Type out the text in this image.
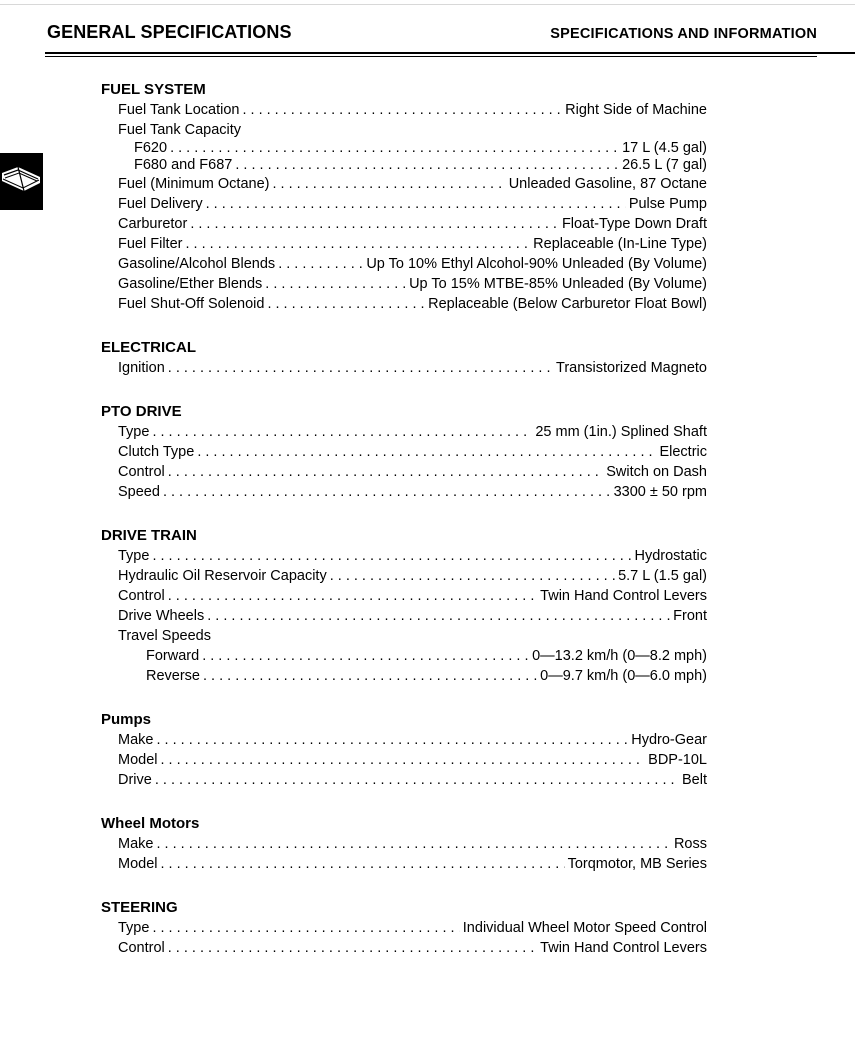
GENERAL SPECIFICATIONS	SPECIFICATIONS AND INFORMATION
FUEL SYSTEM
Fuel Tank Location . . .	Right Side of Machine
Fuel Tank Capacity
F620 . . .	17 L (4.5 gal)
F680 and F687 . . .	26.5 L (7 gal)
Fuel (Minimum Octane) . . .	Unleaded Gasoline, 87 Octane
Fuel Delivery . . .	Pulse Pump
Carburetor . . .	Float-Type Down Draft
Fuel Filter . . .	Replaceable (In-Line Type)
Gasoline/Alcohol Blends . . .	Up To 10% Ethyl Alcohol-90% Unleaded (By Volume)
Gasoline/Ether Blends . . .	Up To 15% MTBE-85% Unleaded (By Volume)
Fuel Shut-Off Solenoid . . .	Replaceable (Below Carburetor Float Bowl)
ELECTRICAL
Ignition . . .	Transistorized Magneto
PTO DRIVE
Type . . .	25 mm (1in.) Splined Shaft
Clutch Type . . .	Electric
Control . . .	Switch on Dash
Speed . . .	3300 ± 50 rpm
DRIVE TRAIN
Type . . .	Hydrostatic
Hydraulic Oil Reservoir Capacity . . .	5.7 L (1.5 gal)
Control . . .	Twin Hand Control Levers
Drive Wheels . . .	Front
Travel Speeds
Forward . . .	0—13.2 km/h (0—8.2 mph)
Reverse . . .	0—9.7 km/h (0—6.0 mph)
Pumps
Make . . .	Hydro-Gear
Model . . .	BDP-10L
Drive . . .	Belt
Wheel Motors
Make . . .	Ross
Model . . .	Torqmotor, MB Series
STEERING
Type . . .	Individual Wheel Motor Speed Control
Control . . .	Twin Hand Control Levers
